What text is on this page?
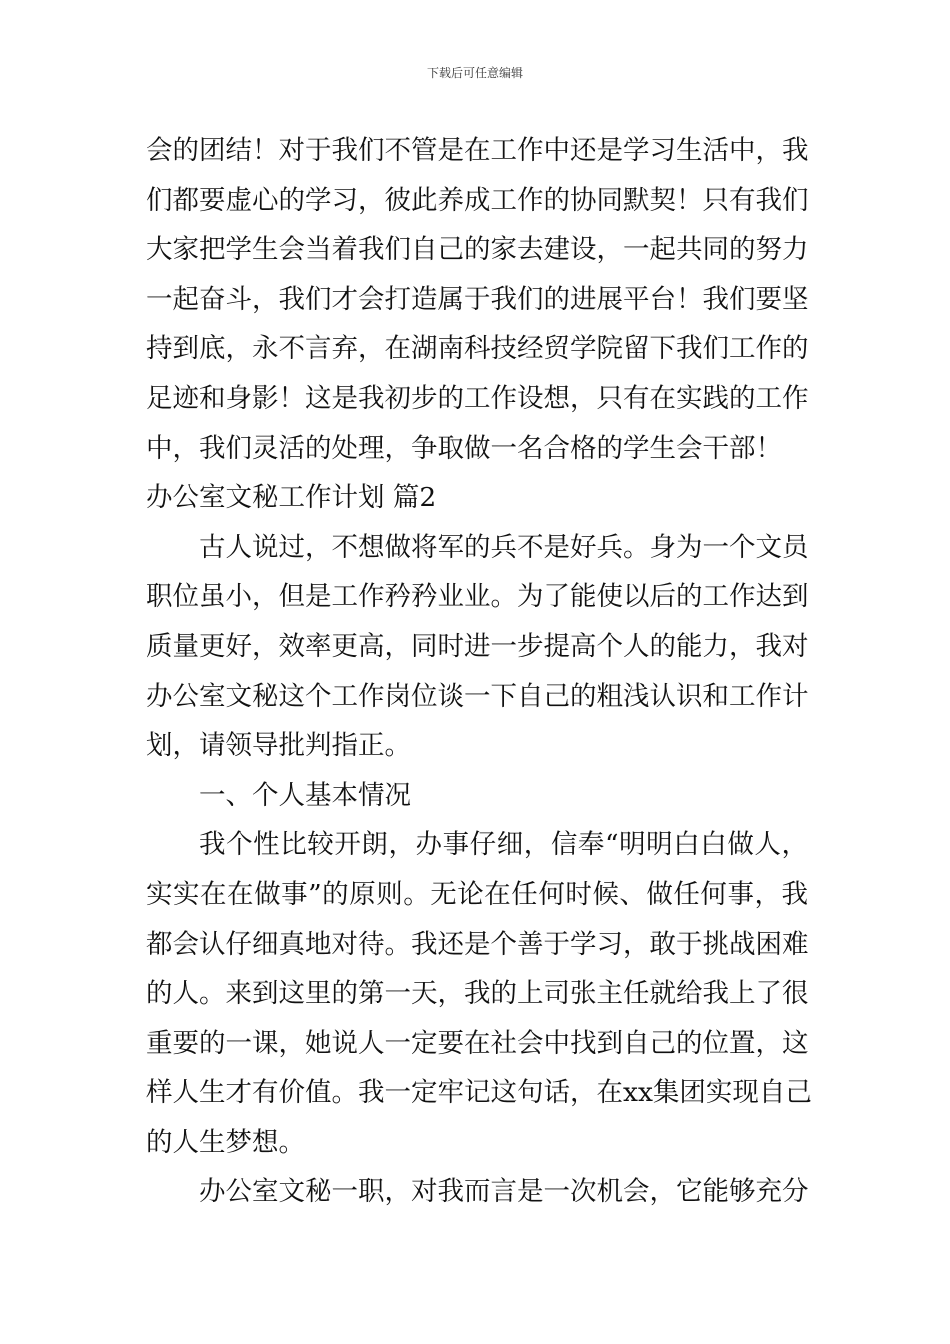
下载后可任意编辑
会的团结！对于我们不管是在工作中还是学习生活中，我
们都要虚心的学习，彼此养成工作的协同默契！只有我们
大家把学生会当着我们自己的家去建设，一起共同的努力
一起奋斗，我们才会打造属于我们的进展平台！我们要坚
持到底，永不言弃，在湖南科技经贸学院留下我们工作的
足迹和身影！这是我初步的工作设想，只有在实践的工作
中，我们灵活的处理，争取做一名合格的学生会干部！
办公室文秘工作计划 篇2
古人说过，不想做将军的兵不是好兵。身为一个文员
职位虽小，但是工作矜矜业业。为了能使以后的工作达到
质量更好，效率更高，同时进一步提高个人的能力，我对
办公室文秘这个工作岗位谈一下自己的粗浅认识和工作计
划，请领导批判指正。
一、个人基本情况
我个性比较开朗，办事仔细，信奉“明明白白做人，
实实在在做事”的原则。无论在任何时候、做任何事，我
都会认仔细真地对待。我还是个善于学习，敢于挑战困难
的人。来到这里的第一天，我的上司张主任就给我上了很
重要的一课，她说人一定要在社会中找到自己的位置，这
样人生才有价值。我一定牢记这句话，在xx集团实现自己
的人生梦想。
办公室文秘一职，对我而言是一次机会，它能够充分
